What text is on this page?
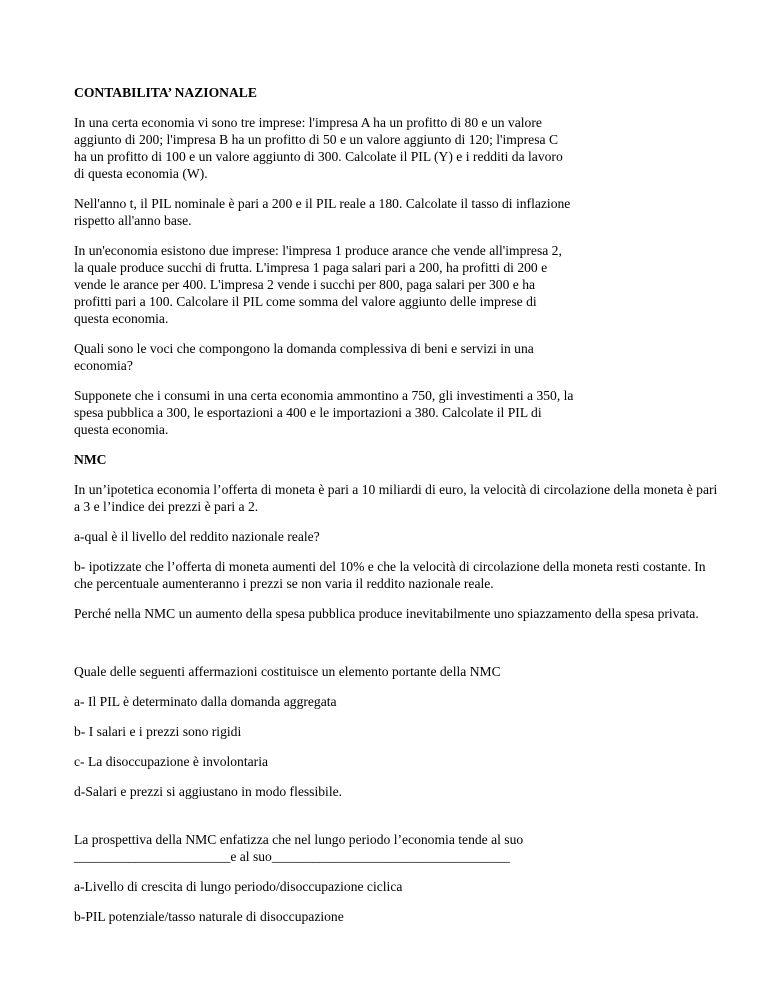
CONTABILITA’ NAZIONALE

In una certa economia vi sono tre imprese: l'impresa A ha un profitto di 80 e un valore aggiunto di 200; l'impresa B ha un profitto di 50 e un valore aggiunto di 120; l'impresa C ha un profitto di 100 e un valore aggiunto di 300. Calcolate il PIL (Y) e i redditi da lavoro di questa economia (W).

Nell'anno t, il PIL nominale è pari a 200 e il PIL reale a 180. Calcolate il tasso di inflazione rispetto all'anno base.

In un'economia esistono due imprese: l'impresa 1 produce arance che vende all'impresa 2, la quale produce succhi di frutta. L'impresa 1 paga salari pari a 200, ha profitti di 200 e vende le arance per 400. L'impresa 2 vende i succhi per 800, paga salari per 300 e ha profitti pari a 100. Calcolare il PIL come somma del valore aggiunto delle imprese di questa economia.

Quali sono le voci che compongono la domanda complessiva di beni e servizi in una economia?

Supponete che i consumi in una certa economia ammontino a 750, gli investimenti a 350, la spesa pubblica a 300, le esportazioni a 400 e le importazioni a 380. Calcolate il PIL di questa economia.

NMC

In un’ipotetica economia l’offerta di moneta è pari a 10 miliardi di euro, la velocità di circolazione della moneta è pari a 3 e l’indice dei prezzi è pari a 2.

a-qual è il livello del reddito nazionale reale?

b- ipotizzate che l’offerta di moneta aumenti del 10% e che la velocità di circolazione della moneta resti costante. In che percentuale aumenteranno i prezzi se non varia il reddito nazionale reale.

Perché nella NMC un aumento della spesa pubblica produce inevitabilmente uno spiazzamento della spesa privata.

Quale delle seguenti affermazioni costituisce un elemento portante della NMC

a- Il PIL è determinato dalla domanda aggregata

b- I salari e i prezzi sono rigidi

c- La disoccupazione è involontaria

d-Salari e prezzi si aggiustano in modo flessibile.

La prospettiva della NMC enfatizza che nel lungo periodo l’economia tende al suo _______________________e al suo___________________________________

a-Livello di crescita di lungo periodo/disoccupazione ciclica

b-PIL potenziale/tasso naturale di disoccupazione
